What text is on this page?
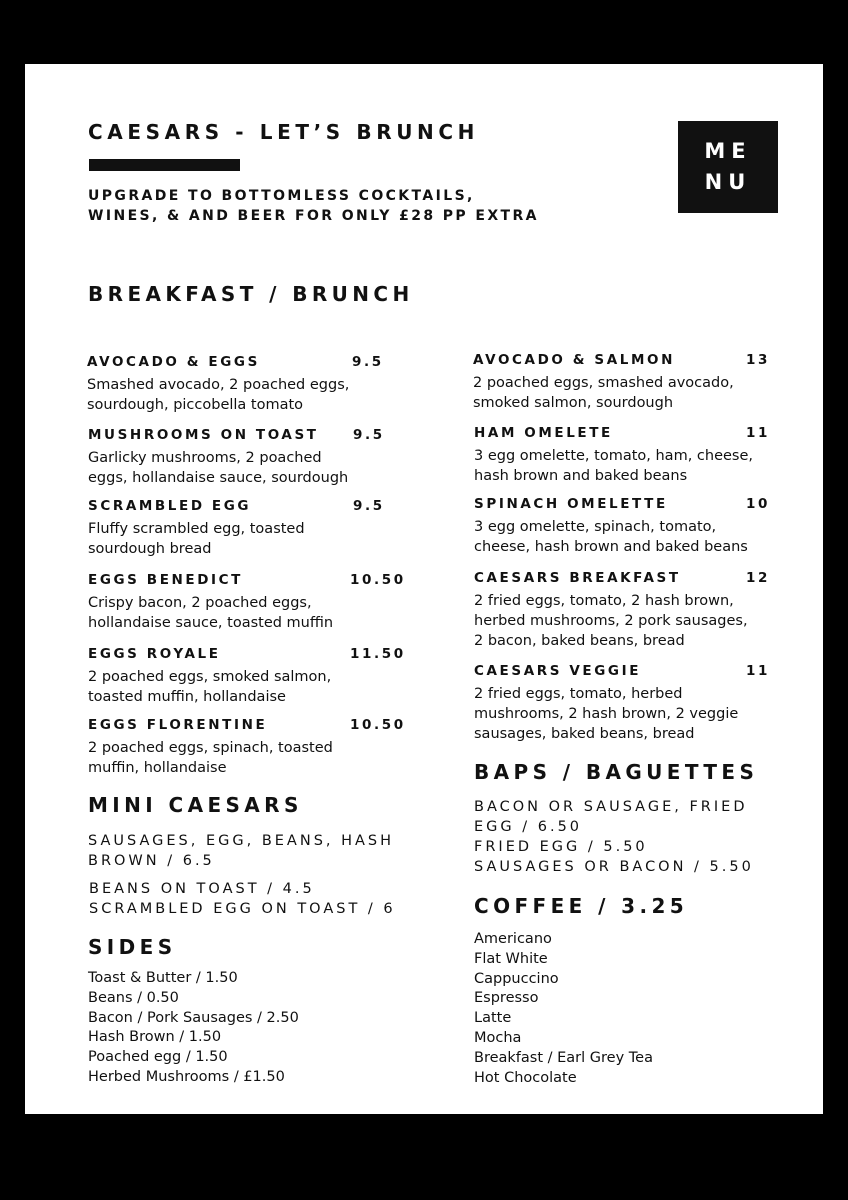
CAESARS - LET’S BRUNCH
UPGRADE TO BOTTOMLESS COCKTAILS,
WINES, & AND BEER FOR ONLY £28 PP EXTRA
ME
NU
BREAKFAST / BRUNCH
AVOCADO & EGGS	9.5
Smashed avocado, 2 poached eggs,
sourdough, piccobella tomato
MUSHROOMS ON TOAST	9.5
Garlicky mushrooms, 2 poached
eggs, hollandaise sauce, sourdough
SCRAMBLED EGG	9.5
Fluffy scrambled egg, toasted
sourdough bread
EGGS BENEDICT	10.50
Crispy bacon, 2 poached eggs,
hollandaise sauce, toasted muffin
EGGS ROYALE	11.50
2 poached eggs, smoked salmon,
toasted muffin, hollandaise
EGGS FLORENTINE	10.50
2 poached eggs, spinach, toasted
muffin, hollandaise
AVOCADO & SALMON	13
2 poached eggs, smashed avocado,
smoked salmon, sourdough
HAM OMELETE	11
3 egg omelette, tomato, ham, cheese,
hash brown and baked beans
SPINACH OMELETTE	10
3 egg omelette, spinach, tomato,
cheese, hash brown and baked beans
CAESARS BREAKFAST	12
2 fried eggs, tomato, 2 hash brown,
herbed mushrooms, 2 pork sausages,
2 bacon, baked beans, bread
CAESARS VEGGIE	11
2 fried eggs, tomato, herbed
mushrooms, 2 hash brown, 2 veggie
sausages, baked beans, bread
MINI CAESARS
SAUSAGES, EGG, BEANS, HASH
BROWN / 6.5
BEANS ON TOAST / 4.5
SCRAMBLED EGG ON TOAST / 6
SIDES
Toast & Butter / 1.50
Beans / 0.50
Bacon / Pork Sausages / 2.50
Hash Brown / 1.50
Poached egg / 1.50
Herbed Mushrooms / £1.50
BAPS / BAGUETTES
BACON OR SAUSAGE, FRIED
EGG / 6.50
FRIED EGG / 5.50
SAUSAGES OR BACON / 5.50
COFFEE / 3.25
Americano
Flat White
Cappuccino
Espresso
Latte
Mocha
Breakfast / Earl Grey Tea
Hot Chocolate
